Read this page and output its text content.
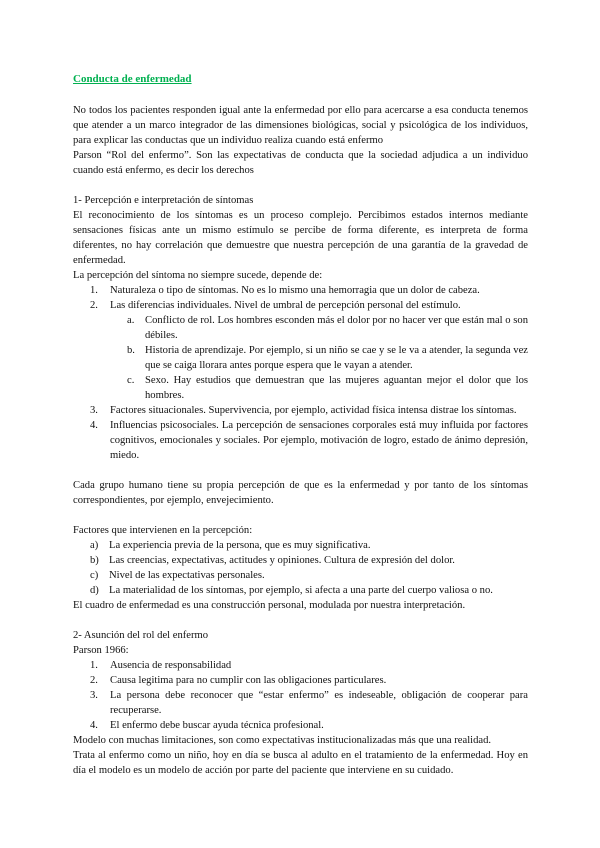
Conducta de enfermedad

No todos los pacientes responden igual ante la enfermedad por ello para acercarse a esa conducta tenemos que atender a un marco integrador de las dimensiones biológicas, social y psicológica de los individuos, para explicar las conductas que un individuo realiza cuando está enfermo

Parson “Rol del enfermo”. Son las expectativas de conducta que la sociedad adjudica a un individuo cuando está enfermo, es decir los derechos

1- Percepción e interpretación de síntomas

El reconocimiento de los síntomas es un proceso complejo. Percibimos estados internos mediante sensaciones físicas ante un mismo estímulo se percibe de forma diferente, es interpreta de forma diferentes, no hay correlación que demuestre que nuestra percepción de una garantía de la gravedad de enfermedad.

La percepción del síntoma no siempre sucede, depende de:

1.	Naturaleza o tipo de síntomas. No es lo mismo una hemorragia que un dolor de cabeza.
2.	Las diferencias individuales. Nivel de umbral de percepción personal del estímulo.
a.	Conflicto de rol. Los hombres esconden más el dolor por no hacer ver que están mal o son débiles.
b. Historia de aprendizaje. Por ejemplo, si un niño se cae y se le va a atender, la segunda vez que se caiga llorara antes porque espera que le vayan a atender.
c.	Sexo. Hay estudios que demuestran que las mujeres aguantan mejor el dolor que los hombres.
3.	Factores situacionales. Supervivencia, por ejemplo, actividad física intensa distrae los síntomas.
4.	Influencias psicosociales. La percepción de sensaciones corporales está muy influida por factores cognitivos, emocionales y sociales. Por ejemplo, motivación de logro, estado de ánimo depresión, miedo.

Cada grupo humano tiene su propia percepción de que es la enfermedad y por tanto de los síntomas correspondientes, por ejemplo, envejecimiento.

Factores que intervienen en la percepción:

a)	La experiencia previa de la persona, que es muy significativa.
b) Las creencias, expectativas, actitudes y opiniones. Cultura de expresión del dolor.
c)	Nivel de las expectativas personales.
d) La materialidad de los síntomas, por ejemplo, si afecta a una parte del cuerpo valiosa o no.

El cuadro de enfermedad es una construcción personal, modulada por nuestra interpretación.

2- Asunción del rol del enfermo

Parson 1966:

1.	Ausencia de responsabilidad
2.	Causa legitima para no cumplir con las obligaciones particulares.
3.	La persona debe reconocer que “estar enfermo” es indeseable, obligación de cooperar para recuperarse.
4.	El enfermo debe buscar ayuda técnica profesional.

Modelo con muchas limitaciones, son como expectativas institucionalizadas más que una realidad.

Trata al enfermo como un niño, hoy en día se busca al adulto en el tratamiento de la enfermedad. Hoy en día el modelo es un modelo de acción por parte del paciente que interviene en su cuidado.
